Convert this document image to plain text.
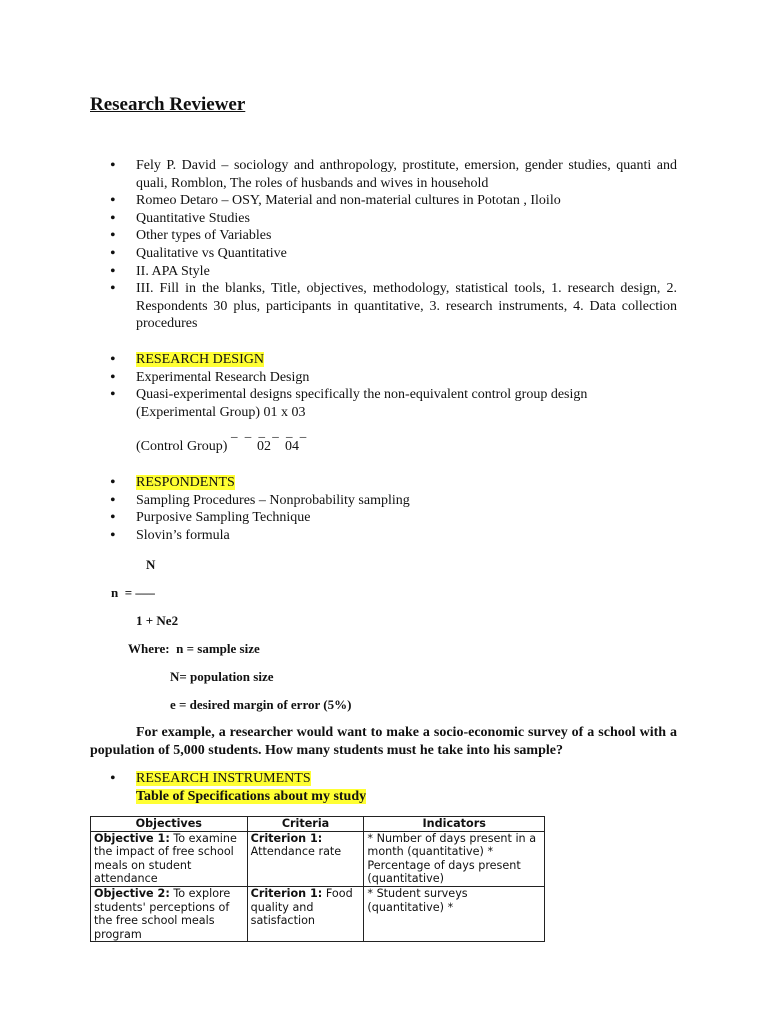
Research Reviewer
• Fely P. David – sociology and anthropology, prostitute, emersion, gender studies, quanti and quali, Romblon, The roles of husbands and wives in household
• Romeo Detaro – OSY, Material and non-material cultures in Pototan , Iloilo
• Quantitative Studies
• Other types of Variables
• Qualitative vs Quantitative
• II. APA Style
• III. Fill in the blanks, Title, objectives, methodology, statistical tools, 1. research design, 2. Respondents 30 plus, participants in quantitative, 3. research instruments, 4. Data collection procedures
• RESEARCH DESIGN
• Experimental Research Design
• Quasi-experimental designs specifically the non-equivalent control group design
(Experimental Group) 01 x 03
_ _ _ _ _ _
(Control Group) 02    04
• RESPONDENTS
• Sampling Procedures – Nonprobability sampling
• Purposive Sampling Technique
• Slovin’s formula
N
n  = –––
1 + Ne2
Where:  n = sample size
N= population size
e = desired margin of error (5%)

For example, a researcher would want to make a socio-economic survey of a school with a population of 5,000 students. How many students must he take into his sample?

• RESEARCH INSTRUMENTS
Table of Specifications about my study
Objectives	Criteria	Indicators
Objective 1: To examine the impact of free school meals on student attendance	Criterion 1: Attendance rate	* Number of days present in a month (quantitative) * Percentage of days present (quantitative)
Objective 2: To explore students' perceptions of the free school meals program	Criterion 1: Food quality and satisfaction	* Student surveys (quantitative) *
